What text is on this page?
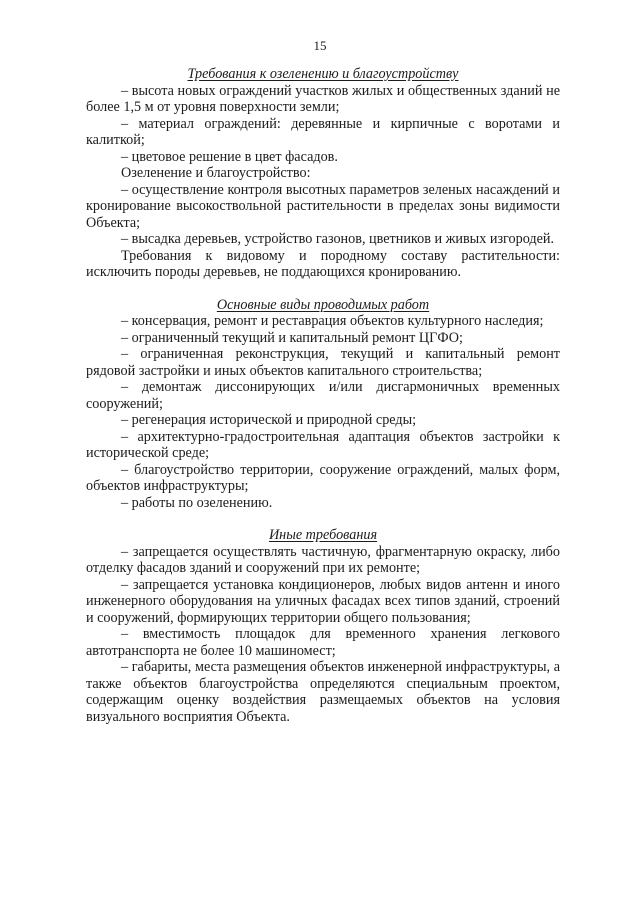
15

Требования к озеленению и благоустройству

– высота новых ограждений участков жилых и общественных зданий не более 1,5 м от уровня поверхности земли;
– материал ограждений: деревянные и кирпичные с воротами и калиткой;
– цветовое решение в цвет фасадов.

Озеленение и благоустройство:

– осуществление контроля высотных параметров зеленых насаждений и кронирование высокоствольной растительности в пределах зоны видимости Объекта;
– высадка деревьев, устройство газонов, цветников и живых изгородей.

Требования к видовому и породному составу растительности: исключить породы деревьев, не поддающихся кронированию.

Основные виды проводимых работ

– консервация, ремонт и реставрация объектов культурного наследия;
– ограниченный текущий и капитальный ремонт ЦГФО;
– ограниченная реконструкция, текущий и капитальный ремонт рядовой застройки и иных объектов капитального строительства;
– демонтаж диссонирующих и/или дисгармоничных временных сооружений;
– регенерация исторической и природной среды;
– архитектурно-градостроительная адаптация объектов застройки к исторической среде;
– благоустройство территории, сооружение ограждений, малых форм, объектов инфраструктуры;
– работы по озеленению.

Иные требования

– запрещается осуществлять частичную, фрагментарную окраску, либо отделку фасадов зданий и сооружений при их ремонте;
– запрещается установка кондиционеров, любых видов антенн и иного инженерного оборудования на уличных фасадах всех типов зданий, строений и сооружений, формирующих территории общего пользования;
– вместимость площадок для временного хранения легкового автотранспорта не более 10 машиномест;
– габариты, места размещения объектов инженерной инфраструктуры, а также объектов благоустройства определяются специальным проектом, содержащим оценку воздействия размещаемых объектов на условия визуального восприятия Объекта.
